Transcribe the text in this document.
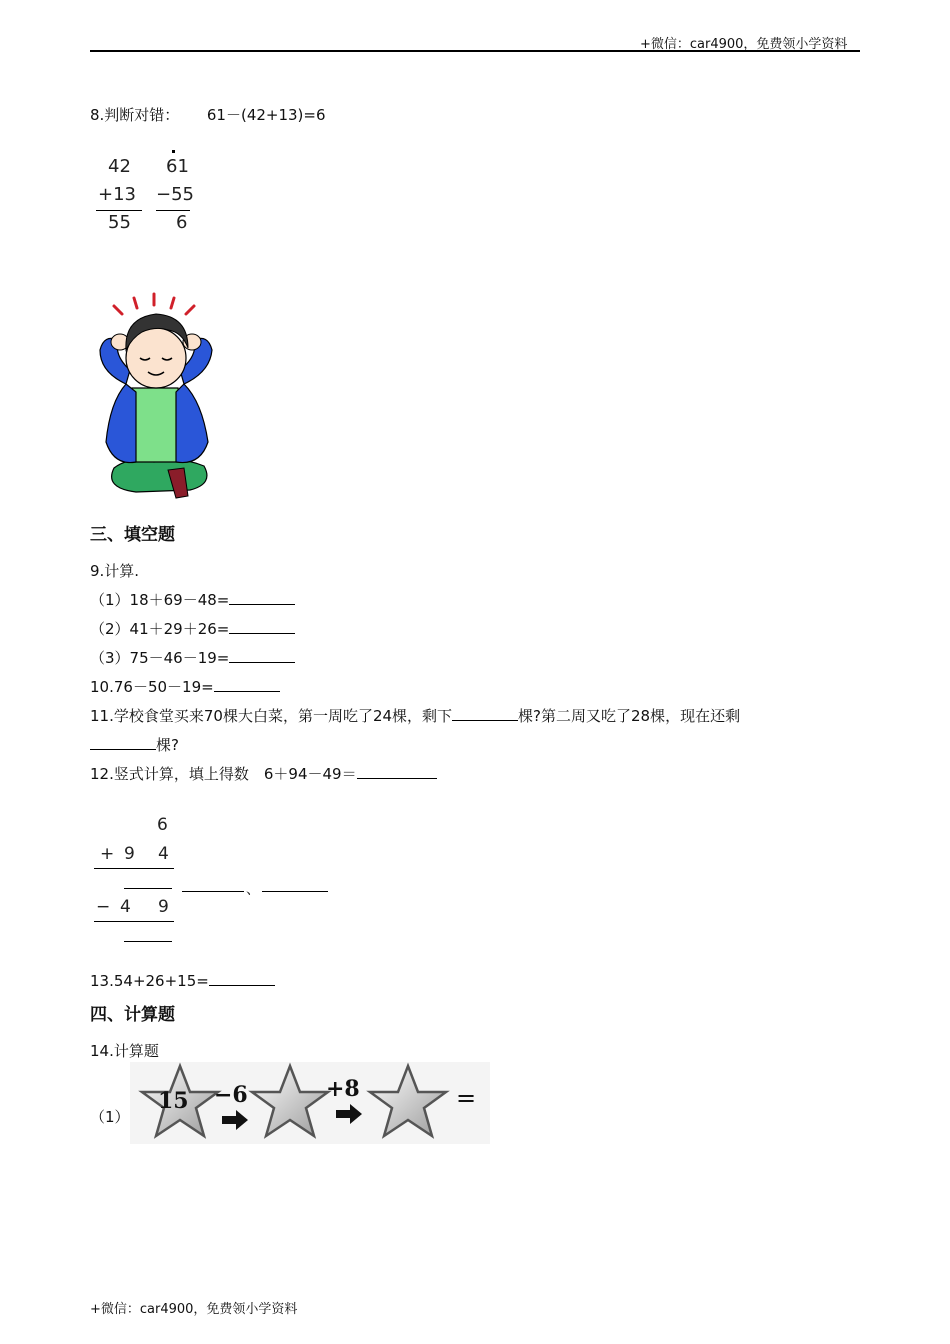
+微信：car4900，免费领小学资料
8.判断对错： 61－(42+13)=6
42
+13
55
61
−55
6
三、填空题
9.计算.
（1）18＋69－48=
（2）41＋29＋26=
（3）75－46－19=
10.76－50－19=
11.学校食堂买来70棵大白菜，第一周吃了24棵，剩下	棵?第二周又吃了28棵，现在还剩
棵?
12.竖式计算，填上得数　6＋94－49＝
6
+ 9 4
、
− 4 9
13.54+26+15=
四、计算题
14.计算题
（1）
15 −6	+8	=
+微信：car4900，免费领小学资料
